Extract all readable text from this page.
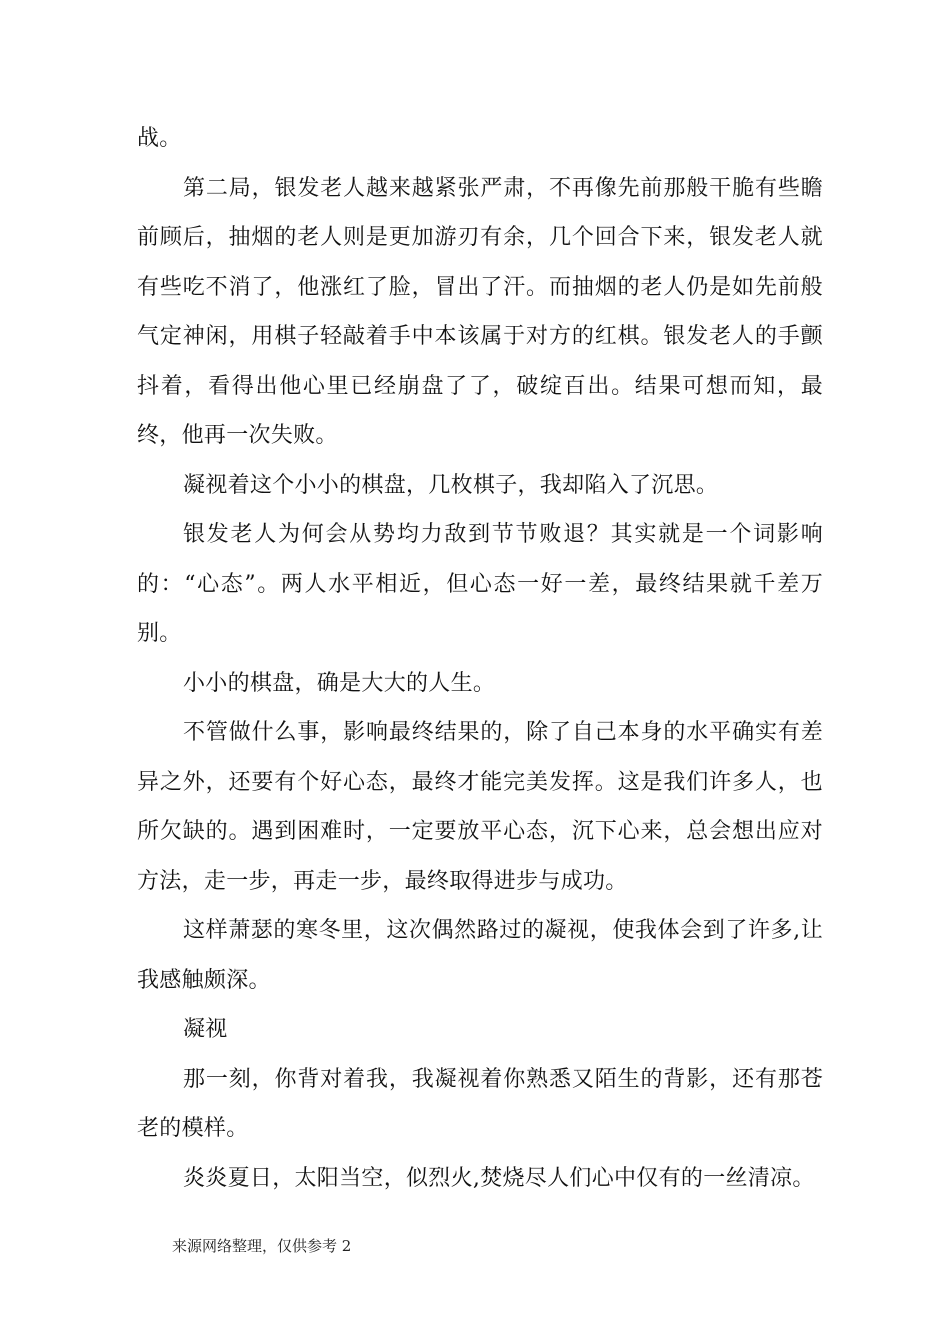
战。

第二局，银发老人越来越紧张严肃，不再像先前那般干脆有些瞻前顾后，抽烟的老人则是更加游刃有余，几个回合下来，银发老人就有些吃不消了，他涨红了脸，冒出了汗。而抽烟的老人仍是如先前般气定神闲，用棋子轻敲着手中本该属于对方的红棋。银发老人的手颤抖着，看得出他心里已经崩盘了了，破绽百出。结果可想而知，最终，他再一次失败。

凝视着这个小小的棋盘，几枚棋子，我却陷入了沉思。

银发老人为何会从势均力敌到节节败退？其实就是一个词影响的：“心态”。两人水平相近，但心态一好一差，最终结果就千差万别。

小小的棋盘，确是大大的人生。

不管做什么事，影响最终结果的，除了自己本身的水平确实有差异之外，还要有个好心态，最终才能完美发挥。这是我们许多人，也所欠缺的。遇到困难时，一定要放平心态，沉下心来，总会想出应对方法，走一步，再走一步，最终取得进步与成功。

这样萧瑟的寒冬里，这次偶然路过的凝视，使我体会到了许多,让我感触颇深。

凝视

那一刻，你背对着我，我凝视着你熟悉又陌生的背影，还有那苍老的模样。

炎炎夏日，太阳当空，似烈火,焚烧尽人们心中仅有的一丝清凉。

来源网络整理，仅供参考 2
